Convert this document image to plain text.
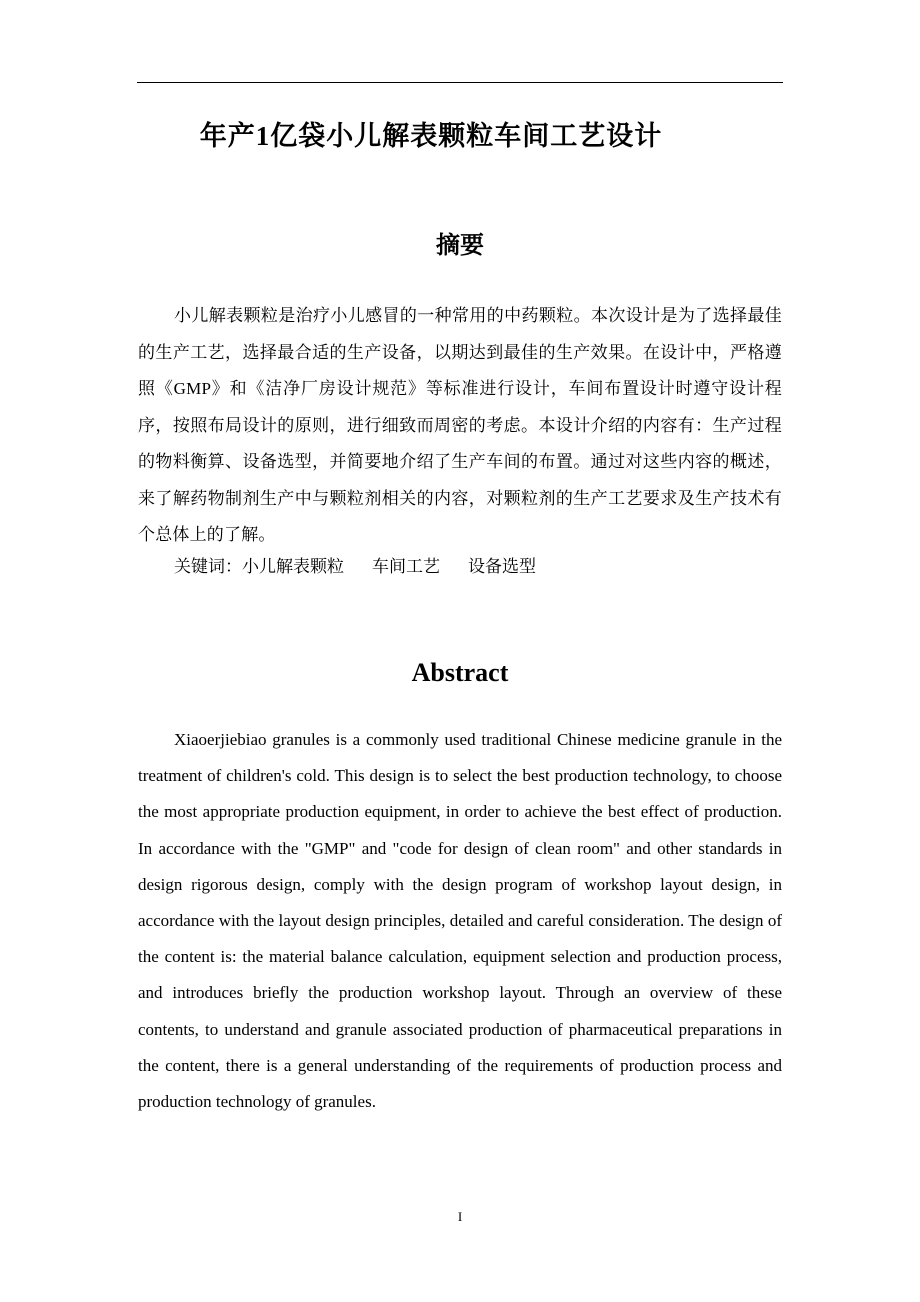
年产1亿袋小儿解表颗粒车间工艺设计
摘要

小儿解表颗粒是治疗小儿感冒的一种常用的中药颗粒。本次设计是为了选择最佳的生产工艺，选择最合适的生产设备，以期达到最佳的生产效果。在设计中，严格遵照《GMP》和《洁净厂房设计规范》等标准进行设计，车间布置设计时遵守设计程序，按照布局设计的原则，进行细致而周密的考虑。本设计介绍的内容有：生产过程的物料衡算、设备选型，并简要地介绍了生产车间的布置。通过对这些内容的概述，来了解药物制剂生产中与颗粒剂相关的内容，对颗粒剂的生产工艺要求及生产技术有个总体上的了解。

关键词：小儿解表颗粒 车间工艺 设备选型

Abstract

Xiaoerjiebiao granules is a commonly used traditional Chinese medicine granule in the treatment of children's cold. This design is to select the best production technology, to choose the most appropriate production equipment, in order to achieve the best effect of production. In accordance with the "GMP" and "code for design of clean room" and other standards in design rigorous design, comply with the design program of workshop layout design, in accordance with the layout design principles, detailed and careful consideration. The design of the content is: the material balance calculation, equipment selection and production process, and introduces briefly the production workshop layout. Through an overview of these contents, to understand and granule associated production of pharmaceutical preparations in the content, there is a general understanding of the requirements of production process and production technology of granules.

I
